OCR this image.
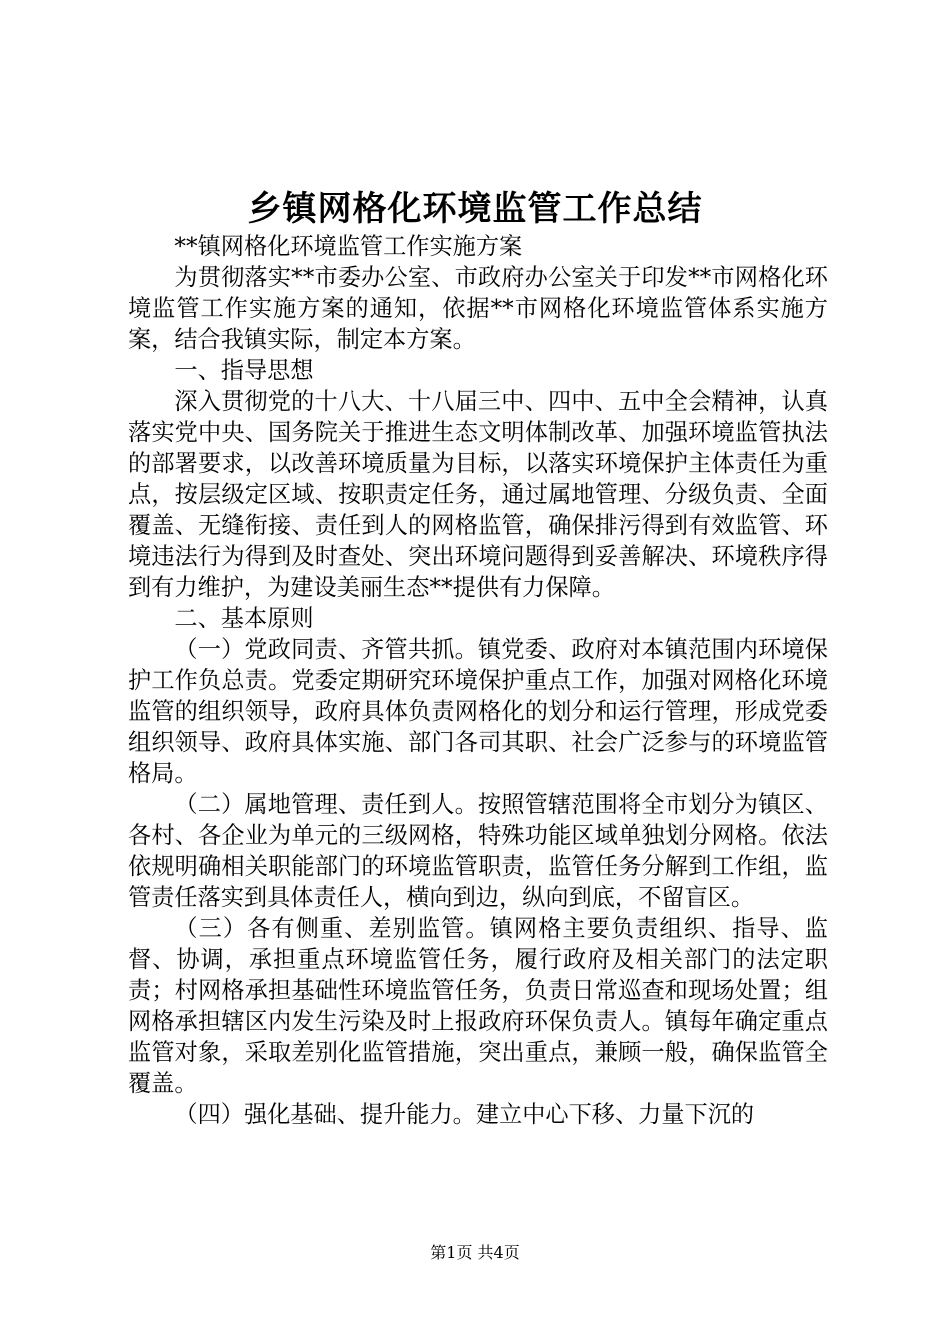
乡镇网格化环境监管工作总结

**镇网格化环境监管工作实施方案

为贯彻落实**市委办公室、市政府办公室关于印发**市网格化环境监管工作实施方案的通知，依据**市网格化环境监管体系实施方案，结合我镇实际，制定本方案。

一、指导思想

深入贯彻党的十八大、十八届三中、四中、五中全会精神，认真落实党中央、国务院关于推进生态文明体制改革、加强环境监管执法的部署要求，以改善环境质量为目标，以落实环境保护主体责任为重点，按层级定区域、按职责定任务，通过属地管理、分级负责、全面覆盖、无缝衔接、责任到人的网格监管，确保排污得到有效监管、环境违法行为得到及时查处、突出环境问题得到妥善解决、环境秩序得到有力维护，为建设美丽生态**提供有力保障。

二、基本原则

（一）党政同责、齐管共抓。镇党委、政府对本镇范围内环境保护工作负总责。党委定期研究环境保护重点工作，加强对网格化环境监管的组织领导，政府具体负责网格化的划分和运行管理，形成党委组织领导、政府具体实施、部门各司其职、社会广泛参与的环境监管格局。

（二）属地管理、责任到人。按照管辖范围将全市划分为镇区、各村、各企业为单元的三级网格，特殊功能区域单独划分网格。依法依规明确相关职能部门的环境监管职责，监管任务分解到工作组，监管责任落实到具体责任人，横向到边，纵向到底，不留盲区。

（三）各有侧重、差别监管。镇网格主要负责组织、指导、监督、协调，承担重点环境监管任务，履行政府及相关部门的法定职责；村网格承担基础性环境监管任务，负责日常巡查和现场处置；组网格承担辖区内发生污染及时上报政府环保负责人。镇每年确定重点监管对象，采取差别化监管措施，突出重点，兼顾一般，确保监管全覆盖。

（四）强化基础、提升能力。建立中心下移、力量下沉的

第1页 共4页
